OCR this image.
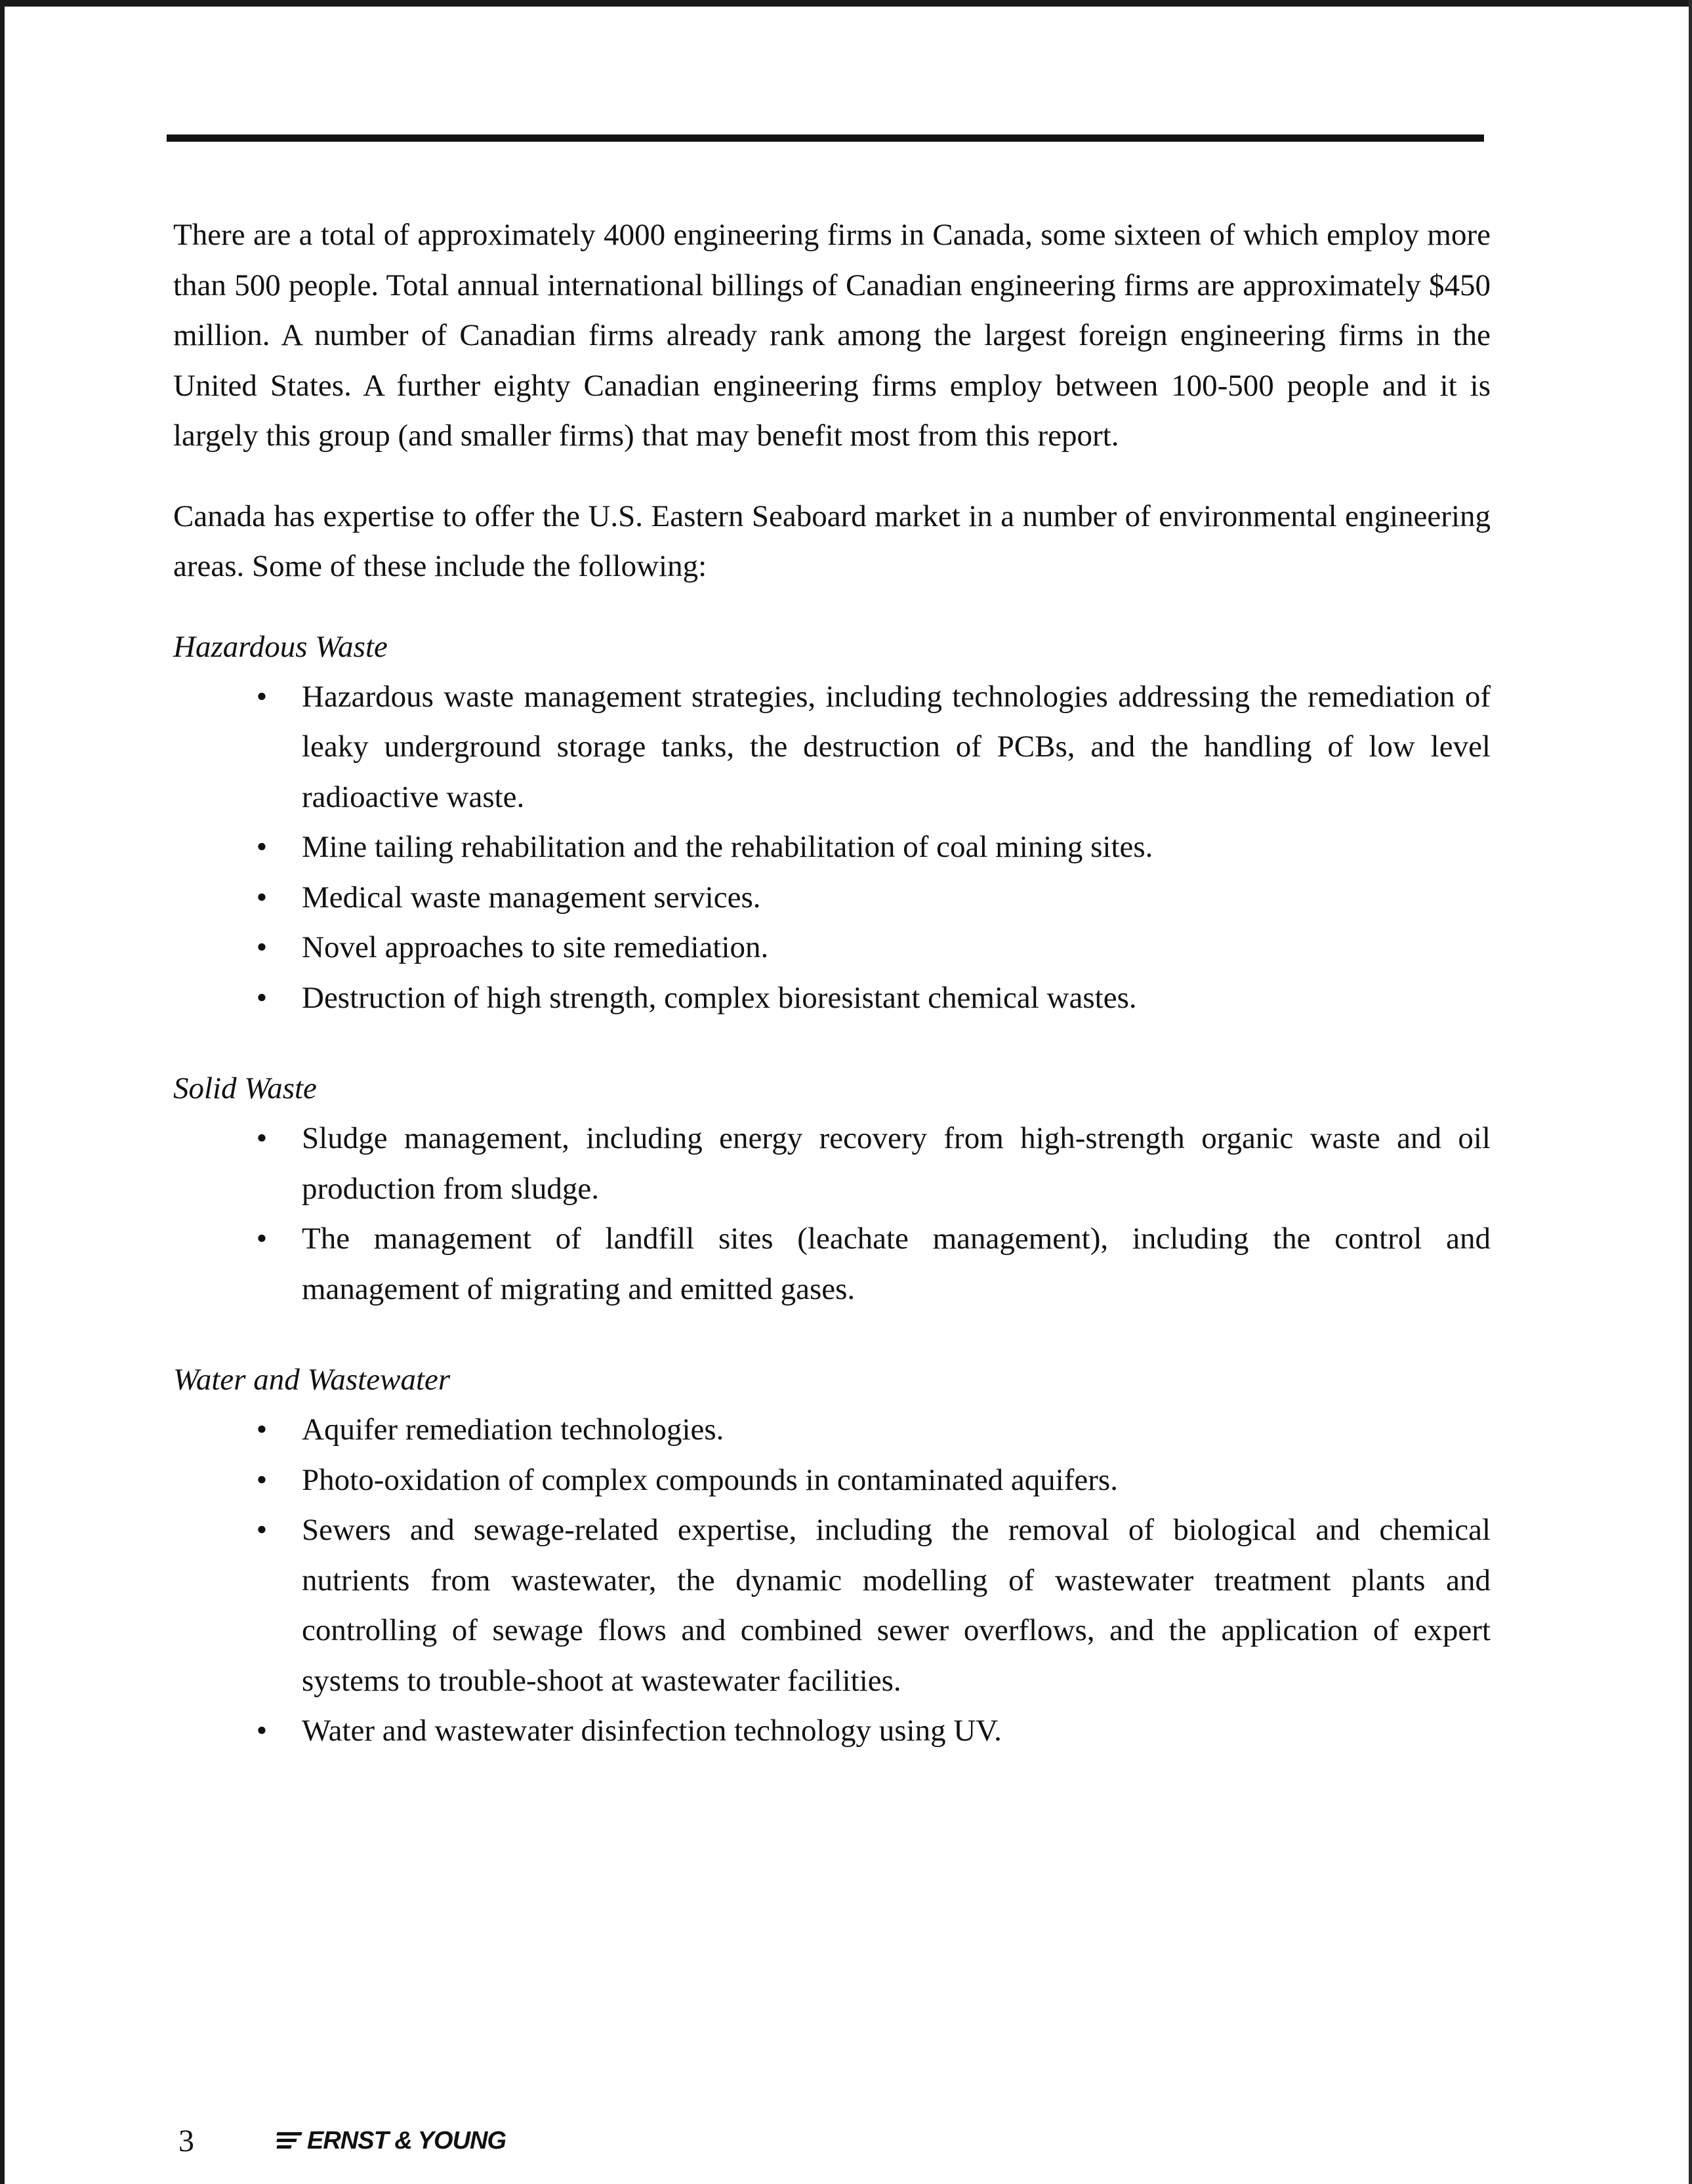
There are a total of approximately 4000 engineering firms in Canada, some sixteen of which employ more than 500 people. Total annual international billings of Canadian engineering firms are approximately $450 million. A number of Canadian firms already rank among the largest foreign engineering firms in the United States. A further eighty Canadian engineering firms employ between 100-500 people and it is largely this group (and smaller firms) that may benefit most from this report.

Canada has expertise to offer the U.S. Eastern Seaboard market in a number of environmental engineering areas. Some of these include the following:

Hazardous Waste
• Hazardous waste management strategies, including technologies addressing the remediation of leaky underground storage tanks, the destruction of PCBs, and the handling of low level radioactive waste.
• Mine tailing rehabilitation and the rehabilitation of coal mining sites.
• Medical waste management services.
• Novel approaches to site remediation.
• Destruction of high strength, complex bioresistant chemical wastes.
Solid Waste
• Sludge management, including energy recovery from high-strength organic waste and oil production from sludge.
• The management of landfill sites (leachate management), including the control and management of migrating and emitted gases.
Water and Wastewater
• Aquifer remediation technologies.
• Photo-oxidation of complex compounds in contaminated aquifers.
• Sewers and sewage-related expertise, including the removal of biological and chemical nutrients from wastewater, the dynamic modelling of wastewater treatment plants and controlling of sewage flows and combined sewer overflows, and the application of expert systems to trouble-shoot at wastewater facilities.
• Water and wastewater disinfection technology using UV.
3	ERNST & YOUNG
